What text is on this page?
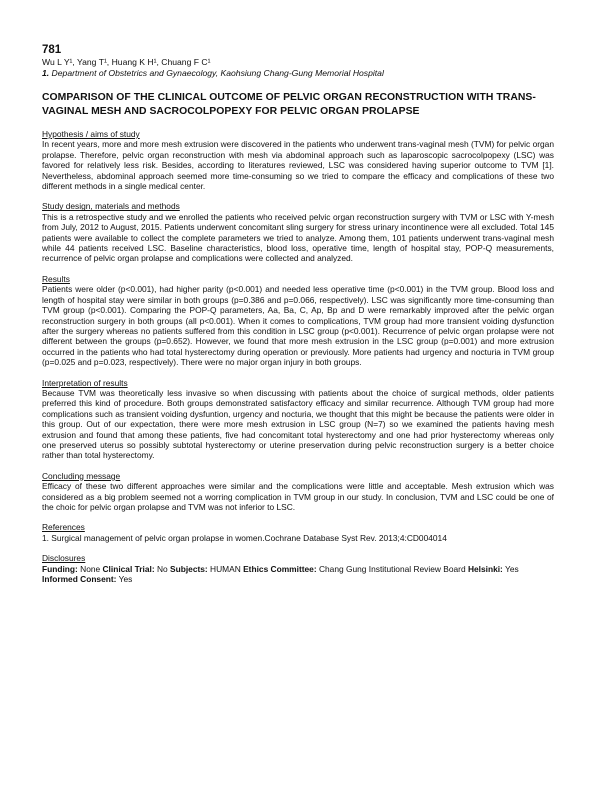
781
Wu L Y¹, Yang T¹, Huang K H¹, Chuang F C¹
1. Department of Obstetrics and Gynaecology, Kaohsiung Chang-Gung Memorial Hospital
COMPARISON OF THE CLINICAL OUTCOME OF PELVIC ORGAN RECONSTRUCTION WITH TRANS-VAGINAL MESH AND SACROCOLPOPEXY FOR PELVIC ORGAN PROLAPSE
Hypothesis / aims of study
In recent years, more and more mesh extrusion were discovered in the patients who underwent trans-vaginal mesh (TVM) for pelvic organ prolapse. Therefore, pelvic organ reconstruction with mesh via abdominal approach such as laparoscopic sacrocolpopexy (LSC) was favored for relatively less risk. Besides, according to literatures reviewed, LSC was considered having superior outcome to TVM [1]. Nevertheless, abdominal approach seemed more time-consuming so we tried to compare the efficacy and complications of these two different methods in a single medical center.
Study design, materials and methods
This is a retrospective study and we enrolled the patients who received pelvic organ reconstruction surgery with TVM or LSC with Y-mesh from July, 2012 to August, 2015. Patients underwent concomitant sling surgery for stress urinary incontinence were all excluded. Total 145 patients were available to collect the complete parameters we tried to analyze. Among them, 101 patients underwent trans-vaginal mesh while 44 patients received LSC. Baseline characteristics, blood loss, operative time, length of hospital stay, POP-Q measurements, recurrence of pelvic organ prolapse and complications were collected and analyzed.
Results
Patients were older (p<0.001), had higher parity (p<0.001) and needed less operative time (p<0.001) in the TVM group. Blood loss and length of hospital stay were similar in both groups (p=0.386 and p=0.066, respectively). LSC was significantly more time-consuming than TVM group (p<0.001). Comparing the POP-Q parameters, Aa, Ba, C, Ap, Bp and D were remarkably improved after the pelvic organ reconstruction surgery in both groups (all p<0.001). When it comes to complications, TVM group had more transient voiding dysfunction after the surgery whereas no patients suffered from this condition in LSC group (p<0.001). Recurrence of pelvic organ prolapse were not different between the groups (p=0.652). However, we found that more mesh extrusion in the LSC group (p=0.001) and more extrusion occurred in the patients who had total hysterectomy during operation or previously. More patients had urgency and nocturia in TVM group (p=0.025 and p=0.023, respectively). There were no major organ injury in both groups.
Interpretation of results
Because TVM was theoretically less invasive so when discussing with patients about the choice of surgical methods, older patients preferred this kind of procedure. Both groups demonstrated satisfactory efficacy and similar recurrence. Although TVM group had more complications such as transient voiding dysfuntion, urgency and nocturia, we thought that this might be because the patients were older in this group. Out of our expectation, there were more mesh extrusion in LSC group (N=7) so we examined the patients having mesh extrusion and found that among these patients, five had concomitant total hysterectomy and one had prior hysterectomy whereas only one preserved uterus so possibly subtotal hysterectomy or uterine preservation during pelvic reconstruction surgery is a better choice rather than total hysterectomy.
Concluding message
Efficacy of these two different approaches were similar and the complications were little and acceptable. Mesh extrusion which was considered as a big problem seemed not a worring complication in TVM group in our study. In conclusion, TVM and LSC could be one of the choic for pelvic organ prolapse and TVM was not inferior to LSC.
References
1. Surgical management of pelvic organ prolapse in women.Cochrane Database Syst Rev. 2013;4:CD004014
Disclosures
Funding: None Clinical Trial: No Subjects: HUMAN Ethics Committee: Chang Gung Institutional Review Board Helsinki: Yes Informed Consent: Yes
